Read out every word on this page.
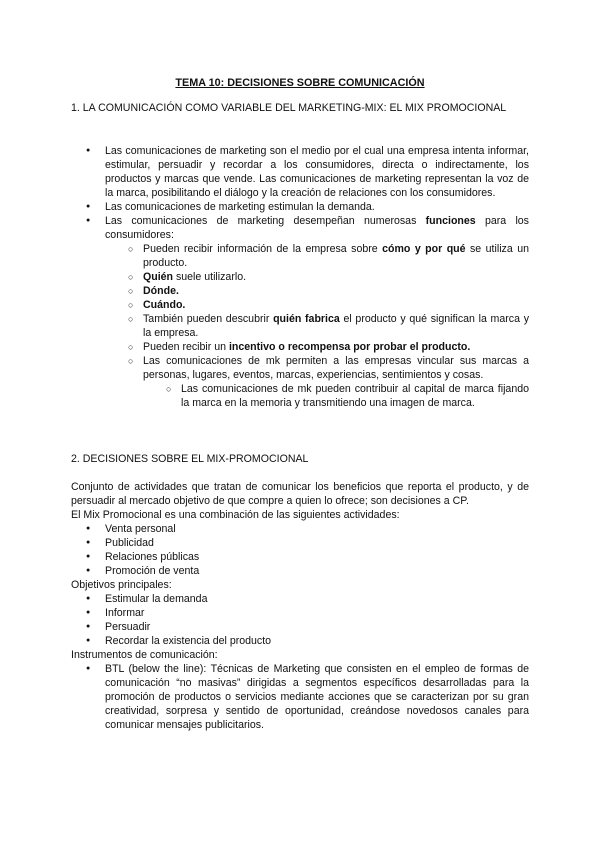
TEMA 10: DECISIONES SOBRE COMUNICACIÓN
1. LA COMUNICACIÓN COMO VARIABLE DEL MARKETING-MIX: EL MIX PROMOCIONAL
● Las comunicaciones de marketing son el medio por el cual una empresa intenta informar, estimular, persuadir y recordar a los consumidores, directa o indirectamente, los productos y marcas que vende. Las comunicaciones de marketing representan la voz de la marca, posibilitando el diálogo y la creación de relaciones con los consumidores.
● Las comunicaciones de marketing estimulan la demanda.
● Las comunicaciones de marketing desempeñan numerosas funciones para los consumidores:
○ Pueden recibir información de la empresa sobre cómo y por qué se utiliza un producto.
○ Quién suele utilizarlo.
○ Dónde.
○ Cuándo.
○ También pueden descubrir quién fabrica el producto y qué significan la marca y la empresa.
○ Pueden recibir un incentivo o recompensa por probar el producto.
○ Las comunicaciones de mk permiten a las empresas vincular sus marcas a personas, lugares, eventos, marcas, experiencias, sentimientos y cosas.
○ Las comunicaciones de mk pueden contribuir al capital de marca fijando la marca en la memoria y transmitiendo una imagen de marca.
2. DECISIONES SOBRE EL MIX-PROMOCIONAL
Conjunto de actividades que tratan de comunicar los beneficios que reporta el producto, y de persuadir al mercado objetivo de que compre a quien lo ofrece; son decisiones a CP.
El Mix Promocional es una combinación de las siguientes actividades:
● Venta personal
● Publicidad
● Relaciones públicas
● Promoción de venta
Objetivos principales:
● Estimular la demanda
● Informar
● Persuadir
● Recordar la existencia del producto
Instrumentos de comunicación:
● BTL (below the line): Técnicas de Marketing que consisten en el empleo de formas de comunicación “no masivas” dirigidas a segmentos específicos desarrolladas para la promoción de productos o servicios mediante acciones que se caracterizan por su gran creatividad, sorpresa y sentido de oportunidad, creándose novedosos canales para comunicar mensajes publicitarios.
